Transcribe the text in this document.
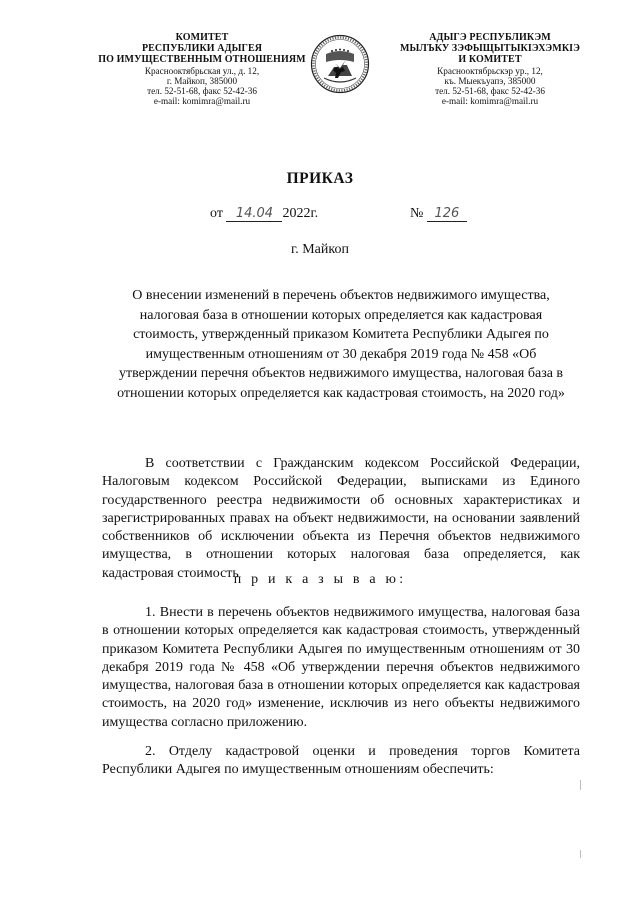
КОМИТЕТ
РЕСПУБЛИКИ АДЫГЕЯ
ПО ИМУЩЕСТВЕННЫМ ОТНОШЕНИЯМ
Краснооктябрьская ул., д. 12,
г. Майкоп, 385000
тел. 52-51-68, факс 52-42-36
e-mail: komimra@mail.ru
АДЫГЭ РЕСПУБЛИКЭМ
МЫЛЪКУ ЗЭФЫЩЫТЫКIЭХЭМКIЭ
И КОМИТЕТ
Краснооктябрьскэр ур., 12,
къ. Мыекъуапэ, 385000
тел. 52-51-68, факс 52-42-36
e-mail: komimra@mail.ru
ПРИКАЗ
от 14.04 2022г.	№ 126
г. Майкоп
О внесении изменений в перечень объектов недвижимого имущества,
налоговая база в отношении которых определяется как кадастровая
стоимость, утвержденный приказом Комитета Республики Адыгея по
имущественным отношениям от 30 декабря 2019 года № 458 «Об
утверждении перечня объектов недвижимого имущества, налоговая база в
отношении которых определяется как кадастровая стоимость, на 2020 год»
В соответствии с Гражданским кодексом Российской Федерации, Налоговым кодексом Российской Федерации, выписками из Единого государственного реестра недвижимости об основных характеристиках и зарегистрированных правах на объект недвижимости, на основании заявлений собственников об исключении объекта из Перечня объектов недвижимого имущества, в отношении которых налоговая база определяется, как кадастровая стоимость
п р и к а з ы в а ю:
1. Внести в перечень объектов недвижимого имущества, налоговая база в отношении которых определяется как кадастровая стоимость, утвержденный приказом Комитета Республики Адыгея по имущественным отношениям от 30 декабря 2019 года № 458 «Об утверждении перечня объектов недвижимого имущества, налоговая база в отношении которых определяется как кадастровая стоимость, на 2020 год» изменение, исключив из него объекты недвижимого имущества согласно приложению.
2. Отделу кадастровой оценки и проведения торгов Комитета Республики Адыгея по имущественным отношениям обеспечить:
